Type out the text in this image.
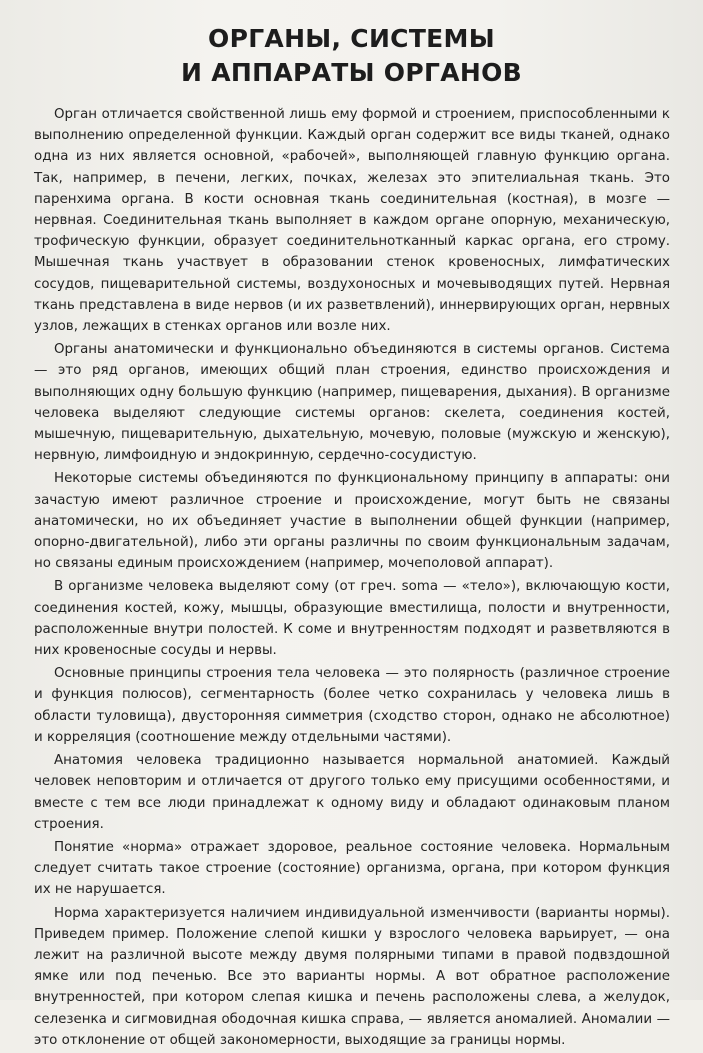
ОРГАНЫ, СИСТЕМЫ
И АППАРАТЫ ОРГАНОВ

Орган отличается свойственной лишь ему формой и строением, приспособленными к выполнению определенной функции. Каждый орган содержит все виды тканей, однако одна из них является основной, «рабочей», выполняющей главную функцию органа. Так, например, в печени, легких, почках, железах это эпителиальная ткань. Это паренхима органа. В кости основная ткань соединительная (костная), в мозге — нервная. Соединительная ткань выполняет в каждом органе опорную, механическую, трофическую функции, образует соединительнотканный каркас органа, его строму. Мышечная ткань участвует в образовании стенок кровеносных, лимфатических сосудов, пищеварительной системы, воздухоносных и мочевыводящих путей. Нервная ткань представлена в виде нервов (и их разветвлений), иннервирующих орган, нервных узлов, лежащих в стенках органов или возле них.

Органы анатомически и функционально объединяются в системы органов. Система — это ряд органов, имеющих общий план строения, единство происхождения и выполняющих одну большую функцию (например, пищеварения, дыхания). В организме человека выделяют следующие системы органов: скелета, соединения костей, мышечную, пищеварительную, дыхательную, мочевую, половые (мужскую и женскую), нервную, лимфоидную и эндокринную, сердечно-сосудистую.

Некоторые системы объединяются по функциональному принципу в аппараты: они зачастую имеют различное строение и происхождение, могут быть не связаны анатомически, но их объединяет участие в выполнении общей функции (например, опорно-двигательной), либо эти органы различны по своим функциональным задачам, но связаны единым происхождением (например, мочеполовой аппарат).

В организме человека выделяют сому (от греч. soma — «тело»), включающую кости, соединения костей, кожу, мышцы, образующие вместилища, полости и внутренности, расположенные внутри полостей. К соме и внутренностям подходят и разветвляются в них кровеносные сосуды и нервы.

Основные принципы строения тела человека — это полярность (различное строение и функция полюсов), сегментарность (более четко сохранилась у человека лишь в области туловища), двусторонняя симметрия (сходство сторон, однако не абсолютное) и корреляция (соотношение между отдельными частями).

Анатомия человека традиционно называется нормальной анатомией. Каждый человек неповторим и отличается от другого только ему присущими особенностями, и вместе с тем все люди принадлежат к одному виду и обладают одинаковым планом строения.

Понятие «норма» отражает здоровое, реальное состояние человека. Нормальным следует считать такое строение (состояние) организма, органа, при котором функция их не нарушается.

Норма характеризуется наличием индивидуальной изменчивости (варианты нормы). Приведем пример. Положение слепой кишки у взрослого человека варьирует, — она лежит на различной высоте между двумя полярными типами в правой подвздошной ямке или под печенью. Все это варианты нормы. А вот обратное расположение внутренностей, при котором слепая кишка и печень расположены слева, а желудок, селезенка и сигмовидная ободочная кишка справа, — является аномалией. Аномалии — это отклонение от общей закономерности, выходящие за границы нормы.
